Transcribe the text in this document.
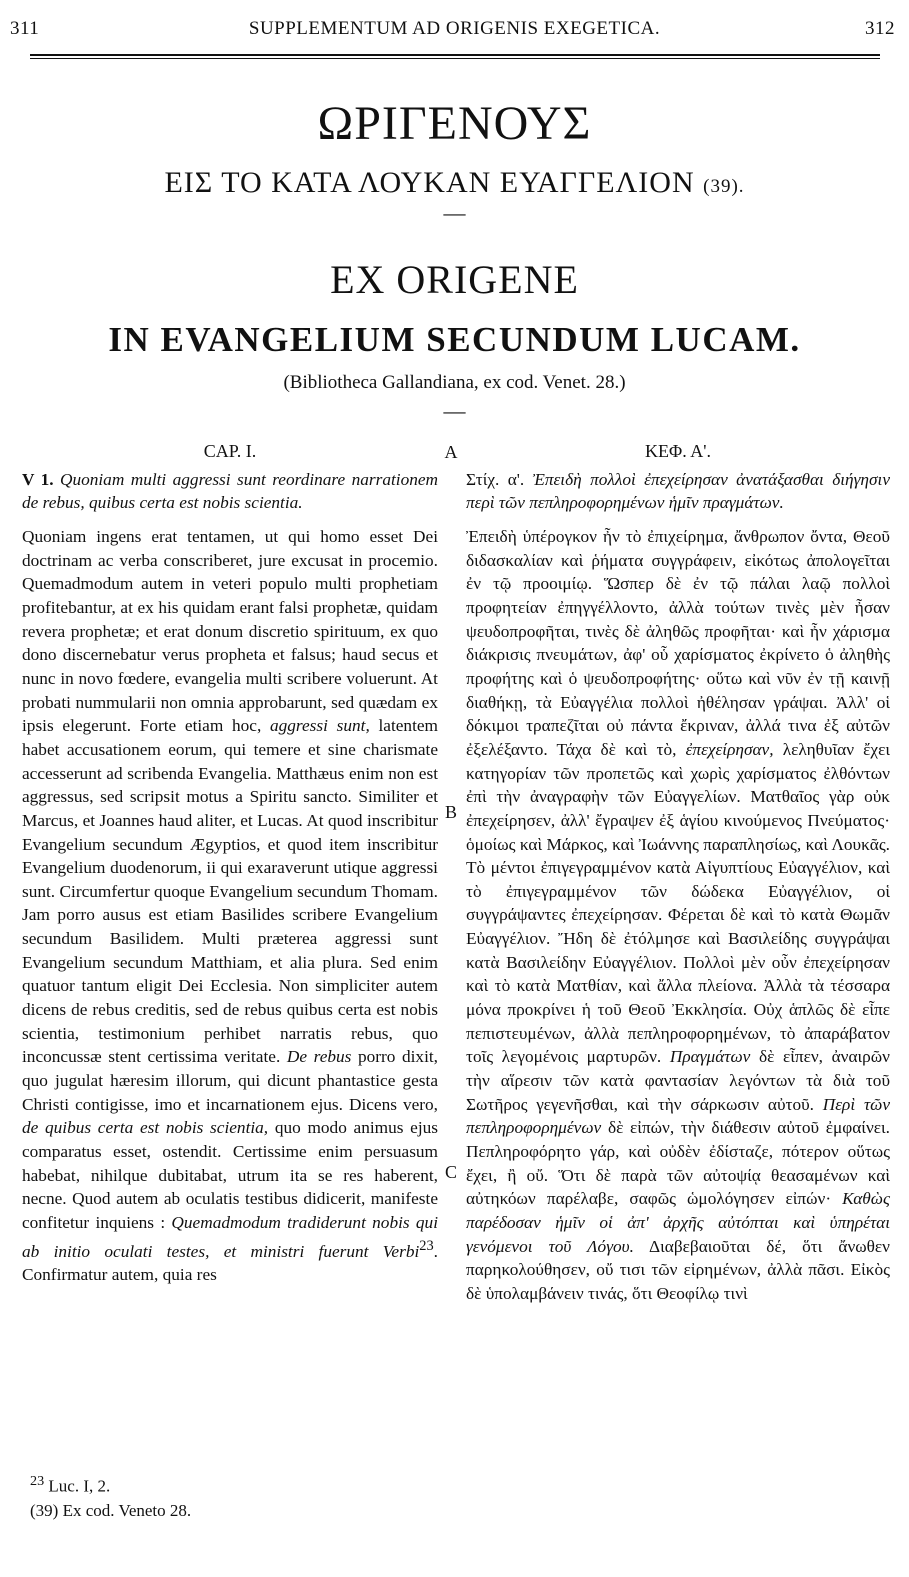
311	SUPPLEMENTUM AD ORIGENIS EXEGETICA.	312
ΩΡΙΓΕΝΟΥΣ
ΕΙΣ ΤΟ ΚΑΤΑ ΛΟΥΚΑΝ ΕΥΑΓΓΕΛΙΟΝ (39).
—
EX ORIGENE
IN EVANGELIUM SECUNDUM LUCAM.
(Bibliotheca Gallandiana, ex cod. Venet. 28.)
—
CAP. I.
V 1. Quoniam multi aggressi sunt reordinare narrationem de rebus, quibus certa est nobis scientia.

Quoniam ingens erat tentamen, ut qui homo esset Dei doctrinam ac verba conscriberet, jure excusat in procemio. Quemadmodum autem in veteri populo multi prophetiam profitebantur, at ex his quidam erant falsi prophetæ, quidam revera prophetæ; et erat donum discretio spirituum, ex quo dono discernebatur verus propheta et falsus; haud secus et nunc in novo fœdere, evangelia multi scribere voluerunt. At probati nummularii non omnia approbarunt, sed quædam ex ipsis elegerunt. Forte etiam hoc, aggressi sunt, latentem habet accusationem eorum, qui temere et sine charismate accesserunt ad scribenda Evangelia. Matthæus enim non est aggressus, sed scripsit motus a Spiritu sancto. Similiter et Marcus, et Joannes haud aliter, et Lucas. At quod inscribitur Evangelium secundum Ægyptios, et quod item inscribitur Evangelium duodenorum, ii qui exaraverunt utique aggressi sunt. Circumfertur quoque Evangelium secundum Thomam. Jam porro ausus est etiam Basilides scribere Evangelium secundum Basilidem. Multi prætereа aggressi sunt Evangelium secundum Matthiam, et alia plura. Sed enim quatuor tantum eligit Dei Ecclesia. Non simpliciter autem dicens de rebus creditis, sed de rebus quibus certa est nobis scientia, testimonium perhibet narratis rebus, quo inconcussæ stent certissima veritate. De rebus porro dixit, quo jugulat hæresim illorum, qui dicunt phantastice gesta Christi contigisse, imo et incarnationem ejus. Dicens vero, de quibus certa est nobis scientia, quo modo animus ejus comparatus esset, ostendit. Certissime enim persuasum habebat, nihilque dubitabat, utrum ita se res haberent, necne. Quod autem ab oculatis testibus didicerit, manifeste confitetur inquiens : Quemadmodum tradiderunt nobis qui ab initio oculati testes, et ministri fuerunt Verbi$^{23}$. Confirmatur autem, quia res

A
B
C
ΚΕΦ. Α'.
Στίχ. α'. Ἐπειδὴ πολλοὶ ἐπεχείρησαν ἀνατάξασθαι διήγησιν περὶ τῶν πεπληροφορημένων ἡμῖν πραγμάτων.

Ἐπειδὴ ὑπέρογκον ἦν τὸ ἐπιχείρημα, ἄνθρωπον ὄντα, Θεοῦ διδασκαλίαν καὶ ῥήματα συγγράφειν, εἰκότως ἀπολογεῖται ἐν τῷ προοιμίῳ. Ὥσπερ δὲ ἐν τῷ πάλαι λαῷ πολλοὶ προφητείαν ἐπηγγέλλοντο, ἀλλὰ τούτων τινὲς μὲν ἦσαν ψευδοπροφῆται, τινὲς δὲ ἀληθῶς προφῆται· καὶ ἦν χάρισμα διάκρισις πνευμάτων, ἀφ' οὗ χαρίσματος ἐκρίνετο ὁ ἀληθὴς προφήτης καὶ ὁ ψευδοπροφήτης· οὕτω καὶ νῦν ἐν τῇ καινῇ διαθήκῃ, τὰ Εὐαγγέλια πολλοὶ ἠθέλησαν γράψαι. Ἀλλ' οἱ δόκιμοι τραπεζῖται οὐ πάντα ἔκριναν, ἀλλά τινα ἐξ αὐτῶν ἐξελέξαντο. Τάχα δὲ καὶ τὸ, ἐπεχείρησαν, λεληθυῖαν ἔχει κατηγορίαν τῶν προπετῶς καὶ χωρὶς χαρίσματος ἐλθόντων ἐπὶ τὴν ἀναγραφὴν τῶν Εὐαγγελίων. Ματθαῖος γὰρ οὐκ ἐπεχείρησεν, ἀλλ' ἔγραψεν ἐξ ἁγίου κινούμενος Πνεύματος· ὁμοίως καὶ Μάρκος, καὶ Ἰωάννης παραπλησίως, καὶ Λουκᾶς. Τὸ μέντοι ἐπιγεγραμμένον κατὰ Αἰγυπτίους Εὐαγγέλιον, καὶ τὸ ἐπιγεγραμμένον τῶν δώδεκα Εὐαγγέλιον, οἱ συγγράψαντες ἐπεχείρησαν. Φέρεται δὲ καὶ τὸ κατὰ Θωμᾶν Εὐαγγέλιον. Ἤδη δὲ ἐτόλμησε καὶ Βασιλείδης συγγράψαι κατὰ Βασιλείδην Εὐαγγέλιον. Πολλοὶ μὲν οὖν ἐπεχείρησαν καὶ τὸ κατὰ Ματθίαν, καὶ ἄλλα πλείονα. Ἀλλὰ τὰ τέσσαρα μόνα προκρίνει ἡ τοῦ Θεοῦ Ἐκκλησία. Οὐχ ἁπλῶς δὲ εἶπε πεπιστευμένων, ἀλλὰ πεπληροφορημένων, τὸ ἀπαράβατον τοῖς λεγομένοις μαρτυρῶν. Πραγμάτων δὲ εἶπεν, ἀναιρῶν τὴν αἵρεσιν τῶν κατὰ φαντασίαν λεγόντων τὰ διὰ τοῦ Σωτῆρος γεγενῆσθαι, καὶ τὴν σάρκωσιν αὐτοῦ. Περὶ τῶν πεπληροφορημένων δὲ εἰπών, τὴν διάθεσιν αὐτοῦ ἐμφαίνει. Πεπληροφόρητο γάρ, καὶ οὐδὲν ἐδίσταζε, πότερον οὕτως ἔχει, ἢ οὔ. Ὅτι δὲ παρὰ τῶν αὐτοψίᾳ θεασαμένων καὶ αὐτηκόων παρέλαβε, σαφῶς ὡμολόγησεν εἰπών· Καθὼς παρέδοσαν ἡμῖν οἱ ἀπ' ἀρχῆς αὐτόπται καὶ ὑπηρέται γενόμενοι τοῦ Λόγου. Διαβεβαιοῦται δέ, ὅτι ἄνωθεν παρηκολούθησεν, οὔ τισι τῶν εἰρημένων, ἀλλὰ πᾶσι. Εἰκὸς δὲ ὑπολαμβάνειν τινάς, ὅτι Θεοφίλῳ τινὶ

$^{23}$ Luc. I, 2.
(39) Ex cod. Veneto 28.
